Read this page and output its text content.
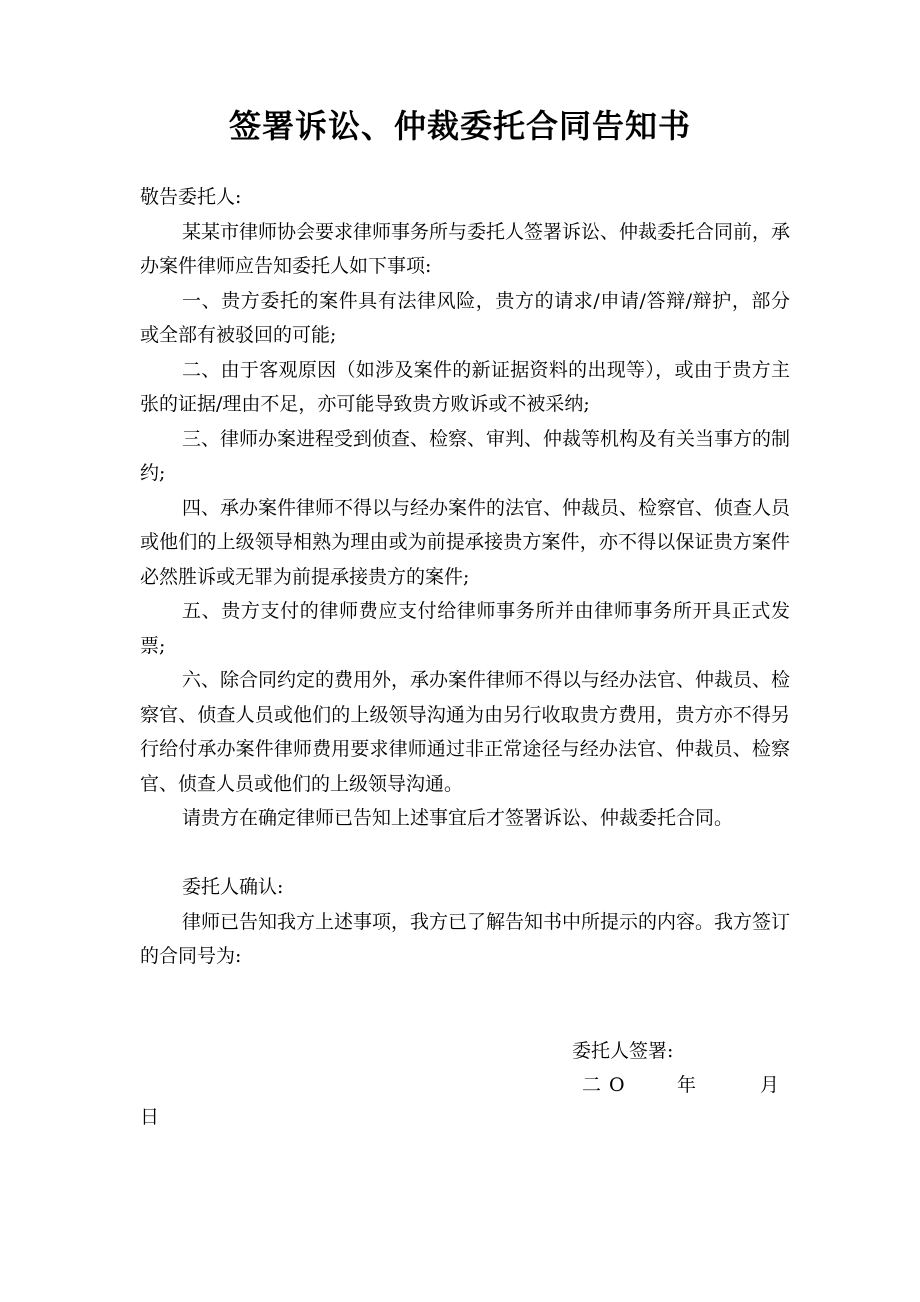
签署诉讼、仲裁委托合同告知书

敬告委托人:

某某市律师协会要求律师事务所与委托人签署诉讼、仲裁委托合同前，承办案件律师应告知委托人如下事项:

一、贵方委托的案件具有法律风险，贵方的请求/申请/答辩/辩护，部分或全部有被驳回的可能;

二、由于客观原因（如涉及案件的新证据资料的出现等），或由于贵方主张的证据/理由不足，亦可能导致贵方败诉或不被采纳;

三、律师办案进程受到侦查、检察、审判、仲裁等机构及有关当事方的制约;

四、承办案件律师不得以与经办案件的法官、仲裁员、检察官、侦查人员或他们的上级领导相熟为理由或为前提承接贵方案件，亦不得以保证贵方案件必然胜诉或无罪为前提承接贵方的案件;

五、贵方支付的律师费应支付给律师事务所并由律师事务所开具正式发票;

六、除合同约定的费用外，承办案件律师不得以与经办法官、仲裁员、检察官、侦查人员或他们的上级领导沟通为由另行收取贵方费用，贵方亦不得另行给付承办案件律师费用要求律师通过非正常途径与经办法官、仲裁员、检察官、侦查人员或他们的上级领导沟通。

请贵方在确定律师已告知上述事宜后才签署诉讼、仲裁委托合同。

委托人确认:

律师已告知我方上述事项，我方已了解告知书中所提示的内容。我方签订的合同号为:

委托人签署:
二O 年	月
日
